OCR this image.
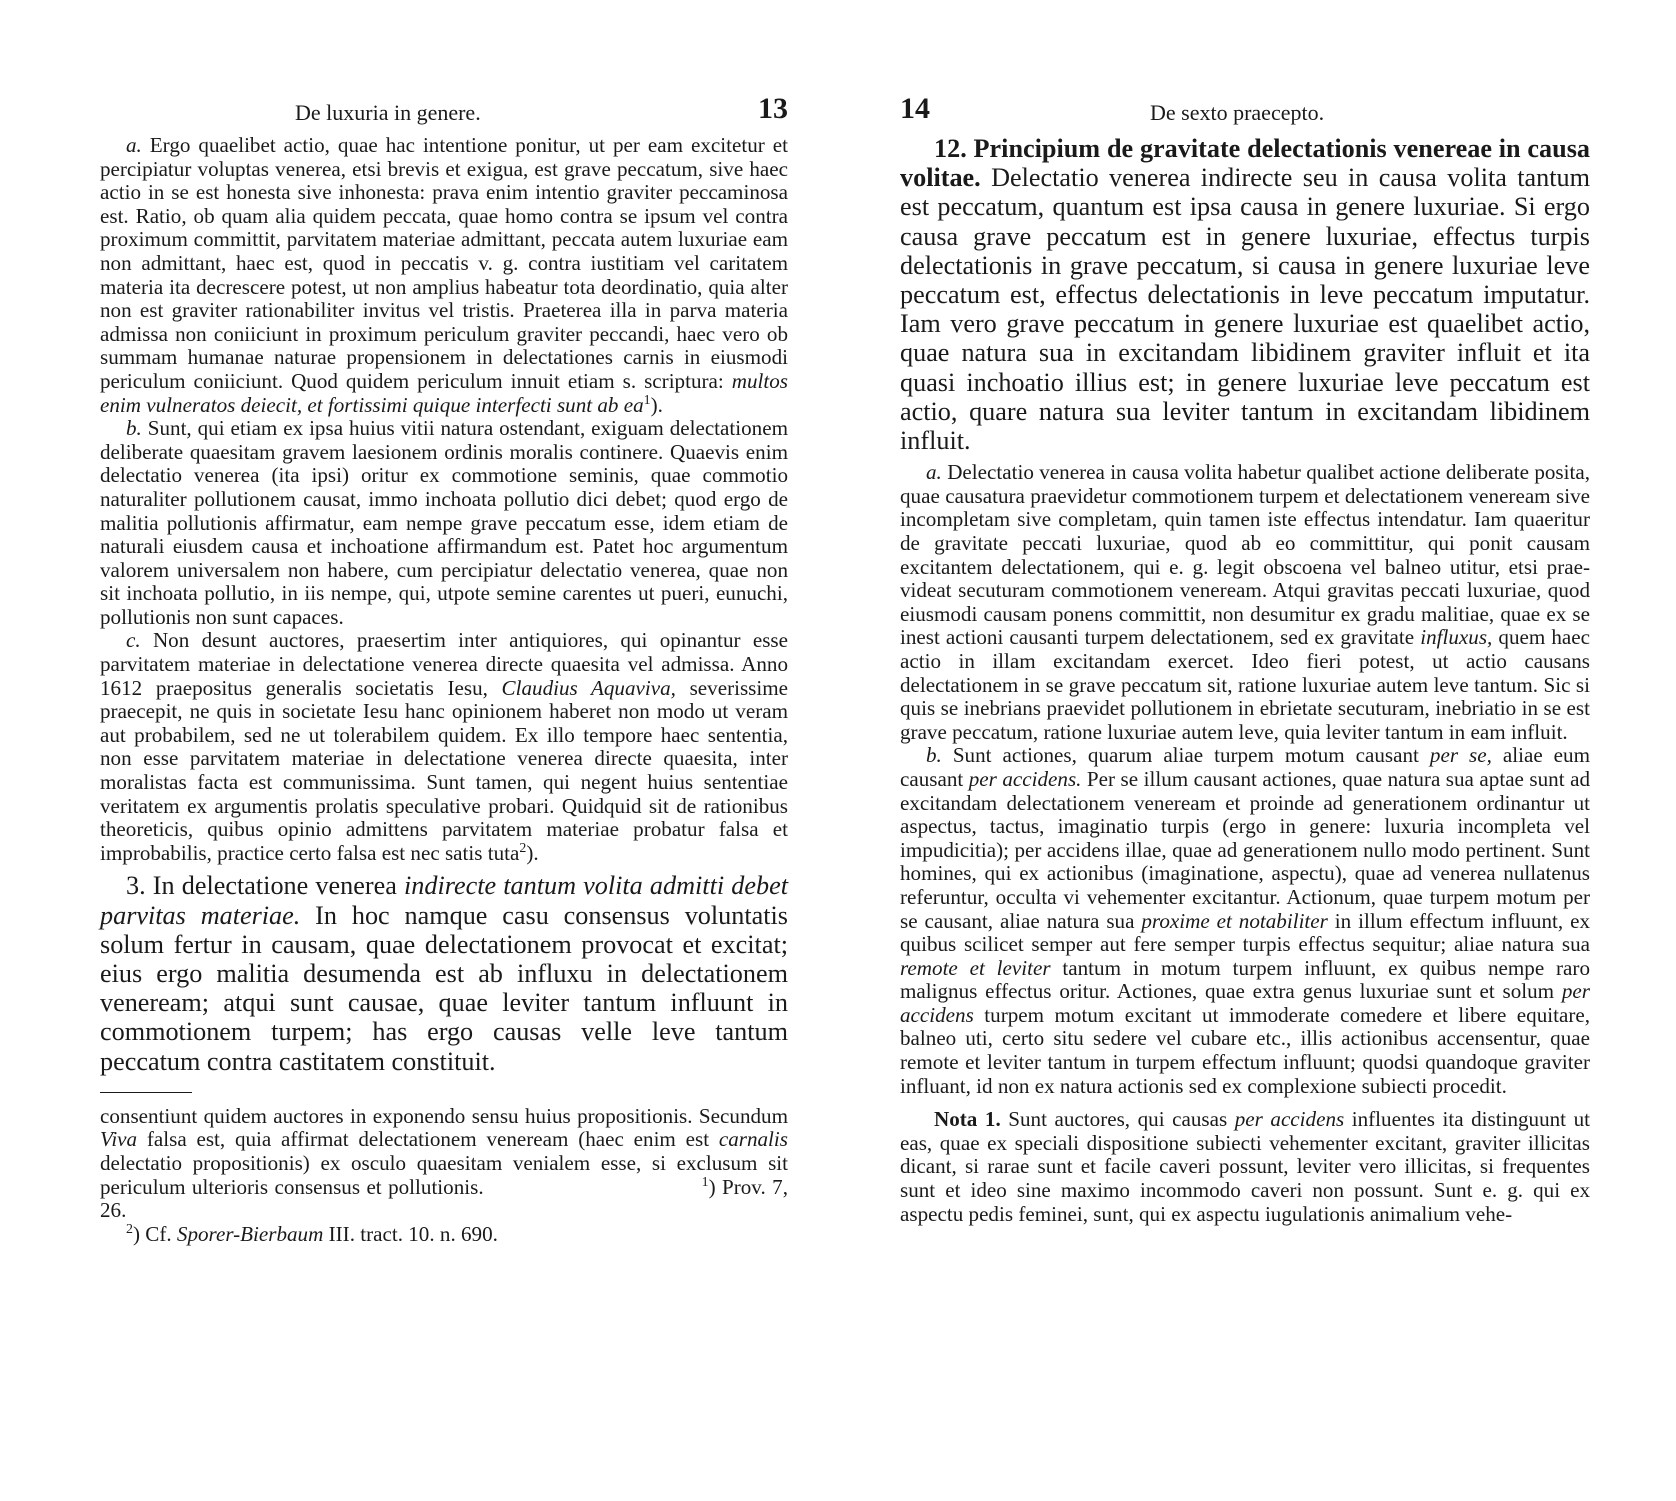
De luxuria in genere.	13

a. Ergo quaelibet actio, quae hac intentione ponitur, ut per eam excitetur et percipiatur voluptas venerea, etsi brevis et exigua, est grave peccatum, sive haec actio in se est honesta sive inhonesta: prava enim intentio graviter peccaminosa est. Ratio, ob quam alia quidem peccata, quae homo contra se ipsum vel contra proximum committit, parvitatem materiae admittant, peccata autem luxuriae eam non admittant, haec est, quod in peccatis v. g. contra iustitiam vel caritatem materia ita decrescere potest, ut non amplius habeatur tota deordinatio, quia alter non est graviter rationabiliter invitus vel tristis. Praeterea illa in parva materia admissa non coniiciunt in proximum periculum graviter peccandi, haec vero ob summam humanae naturae propensionem in delectationes carnis in eiusmodi periculum coniiciunt. Quod quidem periculum innuit etiam s. scriptura: multos enim vulneratos deiecit, et fortissimi quique interfecti sunt ab ea$^1$).

b. Sunt, qui etiam ex ipsa huius vitii natura ostendant, exiguam delectationem deliberate quaesitam gravem laesionem ordinis moralis continere. Quaevis enim delectatio venerea (ita ipsi) oritur ex commotione seminis, quae commotio naturaliter pollutionem causat, immo inchoata pollutio dici debet; quod ergo de malitia pollutionis affirmatur, eam nempe grave peccatum esse, idem etiam de naturali eiusdem causa et inchoatione affirmandum est. Patet hoc argumentum valorem universalem non habere, cum percipiatur delectatio venerea, quae non sit inchoata pollutio, in iis nempe, qui, utpote semine carentes ut pueri, eunuchi, pollutionis non sunt capaces.

c. Non desunt auctores, praesertim inter antiquiores, qui opinantur esse parvitatem materiae in delectatione venerea directe quaesita vel admissa. Anno 1612 praepositus generalis societatis Iesu, Claudius Aquaviva, severissime praecepit, ne quis in societate Iesu hanc opinionem haberet non modo ut veram aut probabilem, sed ne ut tolerabilem quidem. Ex illo tempore haec sententia, non esse parvitatem materiae in delectatione venerea directe quaesita, inter moralistas facta est communissima. Sunt tamen, qui negent huius sententiae veritatem ex argumentis prolatis speculative probari. Quidquid sit de rationibus theoreticis, quibus opinio admittens parvitatem materiae probatur falsa et improbabilis, practice certo falsa est nec satis tuta$^2$).

3. In delectatione venerea indirecte tantum volita admitti debet parvitas materiae. In hoc namque casu consensus voluntatis solum fertur in causam, quae delectationem provocat et excitat; eius ergo malitia desumenda est ab influxu in delectationem veneream; atqui sunt causae, quae leviter tantum influunt in commotionem turpem; has ergo causas velle leve tantum peccatum contra castitatem constituit.

consentiunt quidem auctores in exponendo sensu huius propositionis. Secundum Viva falsa est, quia affirmat delectationem veneream (haec enim est carnalis delectatio propositionis) ex osculo quaesitam venialem esse, si exclusum sit periculum ulterioris consensus et pollutionis.	$^1$) Prov. 7, 26.

$^2$) Cf. Sporer-Bierbaum III. tract. 10. n. 690.

14	De sexto praecepto.

12. Principium de gravitate delectationis venereae in causa volitae. Delectatio venerea indirecte seu in causa volita tantum est peccatum, quantum est ipsa causa in genere luxuriae. Si ergo causa grave peccatum est in genere luxuriae, effectus turpis delectationis in grave peccatum, si causa in genere luxuriae leve peccatum est, effectus delectationis in leve peccatum imputatur. Iam vero grave peccatum in genere luxuriae est quaelibet actio, quae natura sua in excitandam libidinem graviter influit et ita quasi inchoatio illius est; in genere luxuriae leve peccatum est actio, quare natura sua leviter tantum in excitandam libidinem influit.

a. Delectatio venerea in causa volita habetur qualibet actione deliberate posita, quae causatura praevidetur commotionem turpem et delectationem veneream sive incompletam sive completam, quin tamen iste effectus intendatur. Iam quaeritur de gravitate peccati luxuriae, quod ab eo committitur, qui ponit causam excitantem delectationem, qui e. g. legit obscoena vel balneo utitur, etsi praevideat secuturam commotionem veneream. Atqui gravitas peccati luxuriae, quod eiusmodi causam ponens committit, non desumitur ex gradu malitiae, quae ex se inest actioni causanti turpem delectationem, sed ex gravitate influxus, quem haec actio in illam excitandam exercet. Ideo fieri potest, ut actio causans delectationem in se grave peccatum sit, ratione luxuriae autem leve tantum. Sic si quis se inebrians praevidet pollutionem in ebrietate secuturam, inebriatio in se est grave peccatum, ratione luxuriae autem leve, quia leviter tantum in eam influit.

b. Sunt actiones, quarum aliae turpem motum causant per se, aliae eum causant per accidens. Per se illum causant actiones, quae natura sua aptae sunt ad excitandam delectationem veneream et proinde ad generationem ordinantur ut aspectus, tactus, imaginatio turpis (ergo in genere: luxuria incompleta vel impudicitia); per accidens illae, quae ad generationem nullo modo pertinent. Sunt homines, qui ex actionibus (imaginatione, aspectu), quae ad venerea nullatenus referuntur, occulta vi vehementer excitantur. Actionum, quae turpem motum per se causant, aliae natura sua proxime et notabiliter in illum effectum influunt, ex quibus scilicet semper aut fere semper turpis effectus sequitur; aliae natura sua remote et leviter tantum in motum turpem influunt, ex quibus nempe raro malignus effectus oritur. Actiones, quae extra genus luxuriae sunt et solum per accidens turpem motum excitant ut immoderate comedere et libere equitare, balneo uti, certo situ sedere vel cubare etc., illis actionibus accensentur, quae remote et leviter tantum in turpem effectum influunt; quodsi quandoque graviter influant, id non ex natura actionis sed ex complexione subiecti procedit.

Nota 1. Sunt auctores, qui causas per accidens influentes ita distinguunt ut eas, quae ex speciali dispositione subiecti vehementer excitant, graviter illicitas dicant, si rarae sunt et facile caveri possunt, leviter vero illicitas, si frequentes sunt et ideo sine maximo incommodo caveri non possunt. Sunt e. g. qui ex aspectu pedis feminei, sunt, qui ex aspectu iugulationis animalium vehe-
